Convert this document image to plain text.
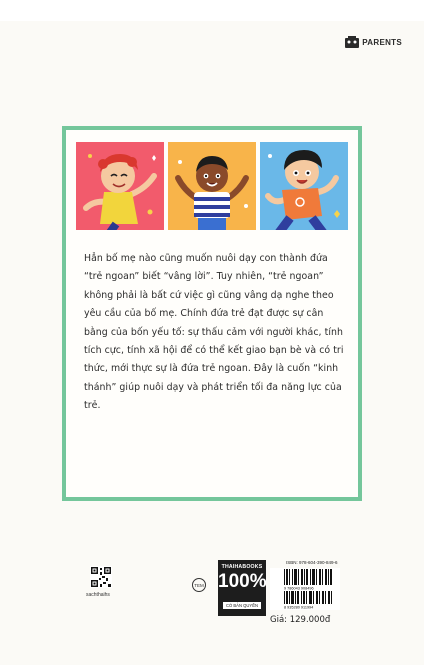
PARENTS

Hẳn bố mẹ nào cũng muốn nuôi dạy con thành đứa “trẻ ngoan” biết “vâng lời”. Tuy nhiên, “trẻ ngoan” không phải là bất cứ việc gì cũng vâng dạ nghe theo yêu cầu của bố mẹ. Chính đứa trẻ đạt được sự cân bằng của bốn yếu tố: sự thấu cảm với người khác, tính tích cực, tính xã hội để có thể kết giao bạn bè và có tri thức, mới thực sự là đứa trẻ ngoan. Đây là cuốn “kinh thánh” giúp nuôi dạy và phát triển tối đa năng lực của trẻ.

sachthaihs
TEM
THAIHABOOKS
100%
CÓ BẢN QUYỀN
ISBN: 978-604-390-849-6
9 786043 908496
8 935280 911994
Giá: 129.000đ
